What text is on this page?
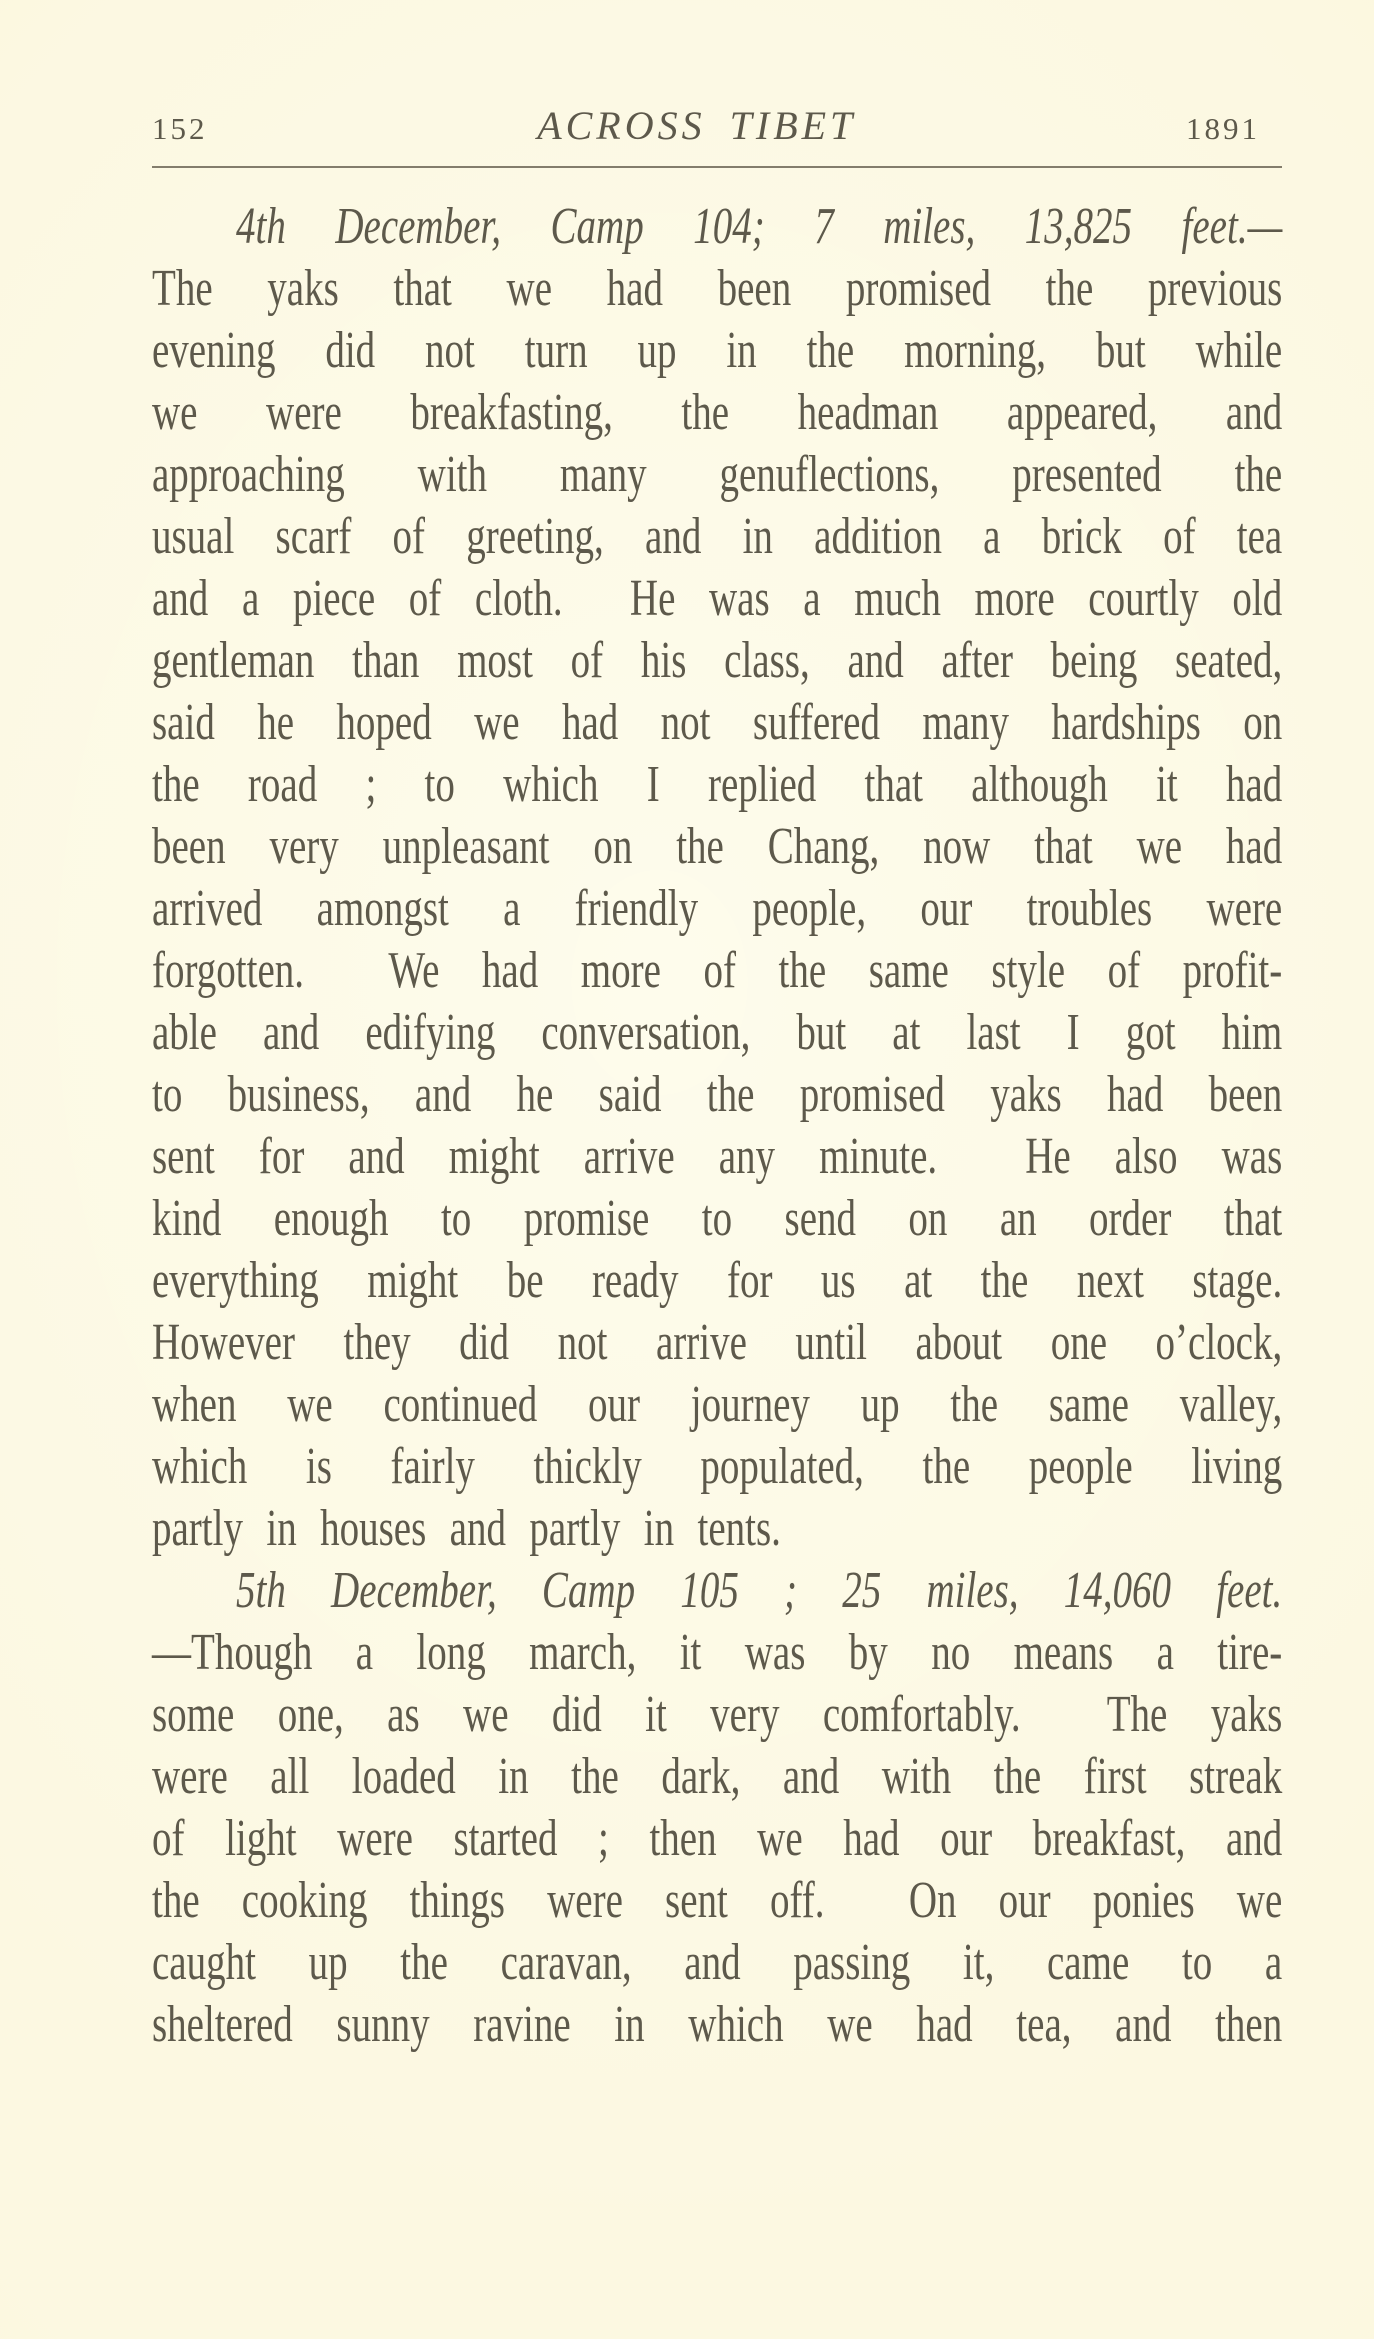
152	ACROSS TIBET	1891
4th December, Camp 104; 7 miles, 13,825 feet.—
The yaks that we had been promised the previous
evening did not turn up in the morning, but while
we were breakfasting, the headman appeared, and
approaching with many genuflections, presented the
usual scarf of greeting, and in addition a brick of tea
and a piece of cloth.  He was a much more courtly old
gentleman than most of his class, and after being seated,
said he hoped we had not suffered many hardships on
the road ; to which I replied that although it had
been very unpleasant on the Chang, now that we had
arrived amongst a friendly people, our troubles were
forgotten.  We had more of the same style of profit-
able and edifying conversation, but at last I got him
to business, and he said the promised yaks had been
sent for and might arrive any minute.  He also was
kind enough to promise to send on an order that
everything might be ready for us at the next stage.
However they did not arrive until about one o’clock,
when we continued our journey up the same valley,
which is fairly thickly populated, the people living
partly in houses and partly in tents.
5th December, Camp 105 ; 25 miles, 14,060 feet.
—Though a long march, it was by no means a tire-
some one, as we did it very comfortably.  The yaks
were all loaded in the dark, and with the first streak
of light were started ; then we had our breakfast, and
the cooking things were sent off.  On our ponies we
caught up the caravan, and passing it, came to a
sheltered sunny ravine in which we had tea, and then
